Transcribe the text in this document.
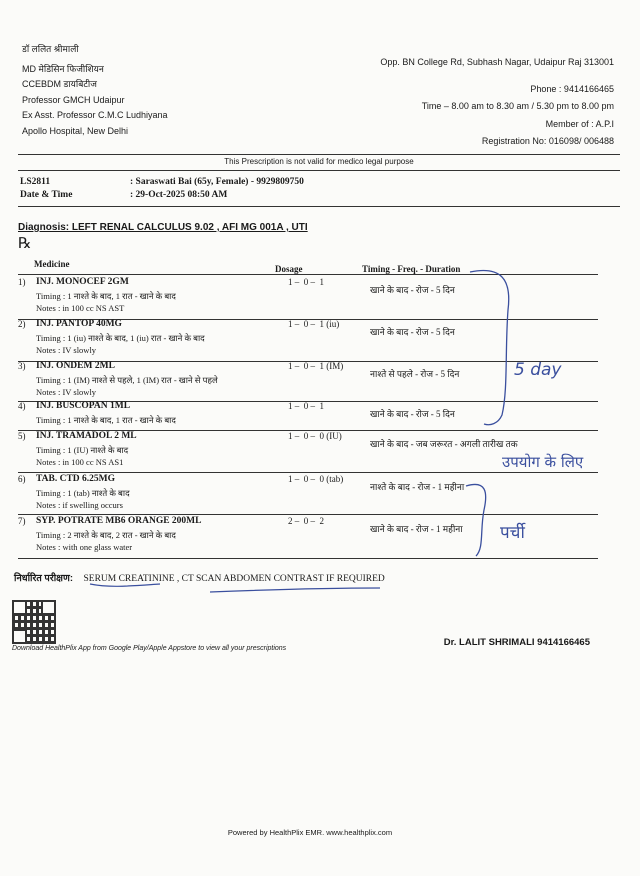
डॉ ललित श्रीमाली
MD मेडिसिन फिजीशियन
CCEBDM डायबिटीज
Professor GMCH Udaipur
Ex Asst. Professor C.M.C Ludhiyana
Apollo Hospital, New Delhi
Opp. BN College Rd, Subhash Nagar, Udaipur Raj 313001
Phone : 9414166465
Time – 8.00 am to 8.30 am / 5.30 pm to 8.00 pm
Member of : A.P.I
Registration No: 016098/ 006488
This Prescription is not valid for medico legal purpose
LS2811
Date & Time
: Saraswati Bai (65y, Female) - 9929809750
: 29-Oct-2025 08:50 AM
Diagnosis: LEFT RENAL CALCULUS 9.02 , AFI MG 001A , UTI
℞
Medicine	Dosage	Timing - Freq. - Duration
1) INJ. MONOCEF 2GM	1 –  0 –  1
खाने के बाद - रोज - 5 दिन
Timing : 1 नाश्ते के बाद, 1 रात - खाने के बाद
Notes : in 100 cc NS AST
2) INJ. PANTOP 40MG	1 –  0 –  1 (iu)
खाने के बाद - रोज - 5 दिन
Timing : 1 (iu) नाश्ते के बाद, 1 (iu) रात - खाने के बाद
Notes : IV slowly
3) INJ. ONDEM 2ML	1 –  0 –  1 (IM)
नाश्ते से पहले - रोज - 5 दिन
Timing : 1 (IM) नाश्ते से पहले, 1 (IM) रात - खाने से पहले
Notes : IV slowly
4) INJ. BUSCOPAN 1ML	1 –  0 –  1
खाने के बाद - रोज - 5 दिन
Timing : 1 नाश्ते के बाद, 1 रात - खाने के बाद
5) INJ. TRAMADOL 2 ML	1 –  0 –  0 (IU)
खाने के बाद - जब जरूरत - अगली तारीख तक
Timing : 1 (IU) नाश्ते के बाद
Notes : in 100 cc NS AS1
6) TAB. CTD 6.25MG	1 –  0 –  0 (tab)
नाश्ते के बाद - रोज - 1 महीना
Timing : 1 (tab) नाश्ते के बाद
Notes : if swelling occurs
7) SYP. POTRATE MB6 ORANGE 200ML	2 –  0 –  2
खाने के बाद - रोज - 1 महीना
Timing : 2 नाश्ते के बाद, 2 रात - खाने के बाद
Notes : with one glass water
निर्धारित परीक्षण: SERUM CREATININE , CT SCAN ABDOMEN CONTRAST IF REQUIRED
5 day
उपयोग के लिए
पर्ची
Download HealthPlix App from Google Play/Apple Appstore to view all your prescriptions
Dr. LALIT SHRIMALI 9414166465
Powered by HealthPlix EMR. www.healthplix.com
